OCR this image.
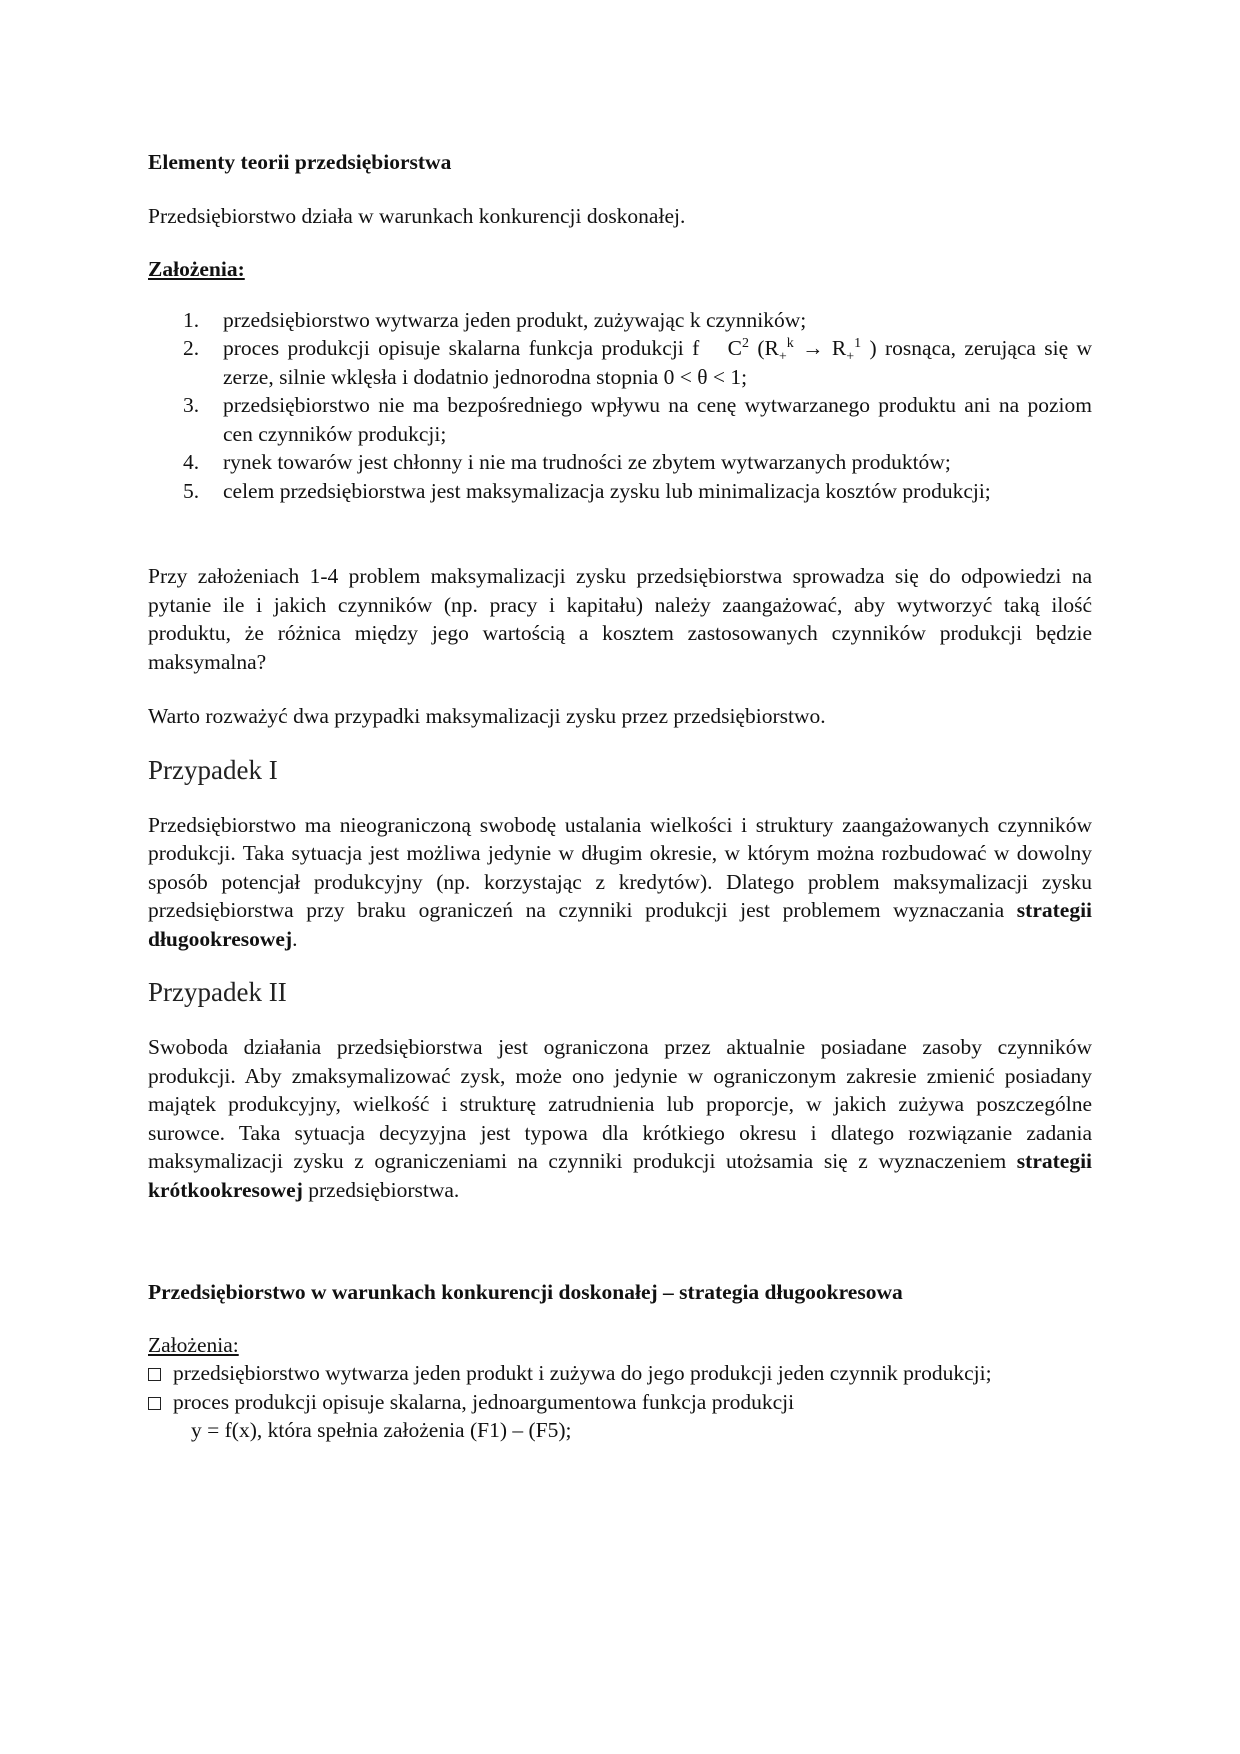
Elementy teorii przedsiębiorstwa

Przedsiębiorstwo działa w warunkach konkurencji doskonałej.

Założenia:

1.	przedsiębiorstwo wytwarza jeden produkt, zużywając k czynników;
2.	proces produkcji opisuje skalarna funkcja produkcji f $C^2$ ($R_+^k \to R_+^1$ ) rosnąca, zerująca się w zerze, silnie wklęsła i dodatnio jednorodna stopnia 0 < θ < 1;
3.	przedsiębiorstwo nie ma bezpośredniego wpływu na cenę wytwarzanego produktu ani na poziom cen czynników produkcji;
4.	rynek towarów jest chłonny i nie ma trudności ze zbytem wytwarzanych produktów;
5.	celem przedsiębiorstwa jest maksymalizacja zysku lub minimalizacja kosztów produkcji;

Przy założeniach 1-4 problem maksymalizacji zysku przedsiębiorstwa sprowadza się do odpowiedzi na pytanie ile i jakich czynników (np. pracy i kapitału) należy zaangażować, aby wytworzyć taką ilość produktu, że różnica między jego wartością a kosztem zastosowanych czynników produkcji będzie maksymalna?

Warto rozważyć dwa przypadki maksymalizacji zysku przez przedsiębiorstwo.

Przypadek I

Przedsiębiorstwo ma nieograniczoną swobodę ustalania wielkości i struktury zaangażowanych czynników produkcji. Taka sytuacja jest możliwa jedynie w długim okresie, w którym można rozbudować w dowolny sposób potencjał produkcyjny (np. korzystając z kredytów). Dlatego problem maksymalizacji zysku przedsiębiorstwa przy braku ograniczeń na czynniki produkcji jest problemem wyznaczania strategii długookresowej.

Przypadek II

Swoboda działania przedsiębiorstwa jest ograniczona przez aktualnie posiadane zasoby czynników produkcji. Aby zmaksymalizować zysk, może ono jedynie w ograniczonym zakresie zmienić posiadany majątek produkcyjny, wielkość i strukturę zatrudnienia lub proporcje, w jakich zużywa poszczególne surowce. Taka sytuacja decyzyjna jest typowa dla krótkiego okresu i dlatego rozwiązanie zadania maksymalizacji zysku z ograniczeniami na czynniki produkcji utożsamia się z wyznaczeniem strategii krótkookresowej przedsiębiorstwa.

Przedsiębiorstwo w warunkach konkurencji doskonałej – strategia długookresowa

Założenia:

przedsiębiorstwo wytwarza jeden produkt i zużywa do jego produkcji jeden czynnik produkcji;

proces produkcji opisuje skalarna, jednoargumentowa funkcja produkcji

y = f(x), która spełnia założenia (F1) – (F5);
